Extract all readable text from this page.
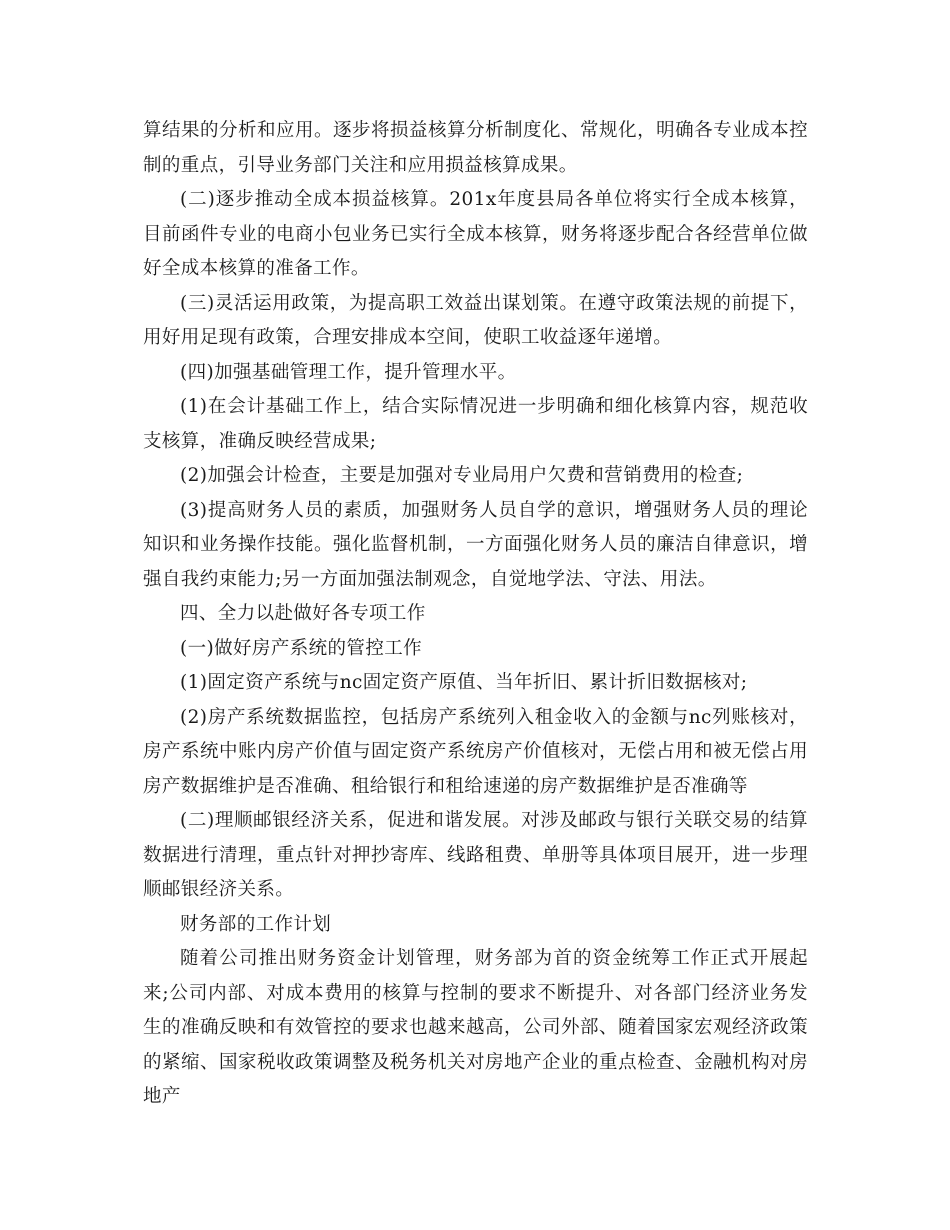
算结果的分析和应用。逐步将损益核算分析制度化、常规化，明确各专业成本控制的重点，引导业务部门关注和应用损益核算成果。

(二)逐步推动全成本损益核算。201x年度县局各单位将实行全成本核算，目前函件专业的电商小包业务已实行全成本核算，财务将逐步配合各经营单位做好全成本核算的准备工作。

(三)灵活运用政策，为提高职工效益出谋划策。在遵守政策法规的前提下，用好用足现有政策，合理安排成本空间，使职工收益逐年递增。

(四)加强基础管理工作，提升管理水平。

(1)在会计基础工作上，结合实际情况进一步明确和细化核算内容，规范收支核算，准确反映经营成果;

(2)加强会计检查，主要是加强对专业局用户欠费和营销费用的检查;

(3)提高财务人员的素质，加强财务人员自学的意识，增强财务人员的理论知识和业务操作技能。强化监督机制，一方面强化财务人员的廉洁自律意识，增强自我约束能力;另一方面加强法制观念，自觉地学法、守法、用法。

四、全力以赴做好各专项工作

(一)做好房产系统的管控工作

(1)固定资产系统与nc固定资产原值、当年折旧、累计折旧数据核对;

(2)房产系统数据监控，包括房产系统列入租金收入的金额与nc列账核对，房产系统中账内房产价值与固定资产系统房产价值核对，无偿占用和被无偿占用房产数据维护是否准确、租给银行和租给速递的房产数据维护是否准确等

(二)理顺邮银经济关系，促进和谐发展。对涉及邮政与银行关联交易的结算数据进行清理，重点针对押抄寄库、线路租费、单册等具体项目展开，进一步理顺邮银经济关系。

财务部的工作计划

随着公司推出财务资金计划管理，财务部为首的资金统筹工作正式开展起来;公司内部、对成本费用的核算与控制的要求不断提升、对各部门经济业务发生的准确反映和有效管控的要求也越来越高，公司外部、随着国家宏观经济政策的紧缩、国家税收政策调整及税务机关对房地产企业的重点检查、金融机构对房地产
